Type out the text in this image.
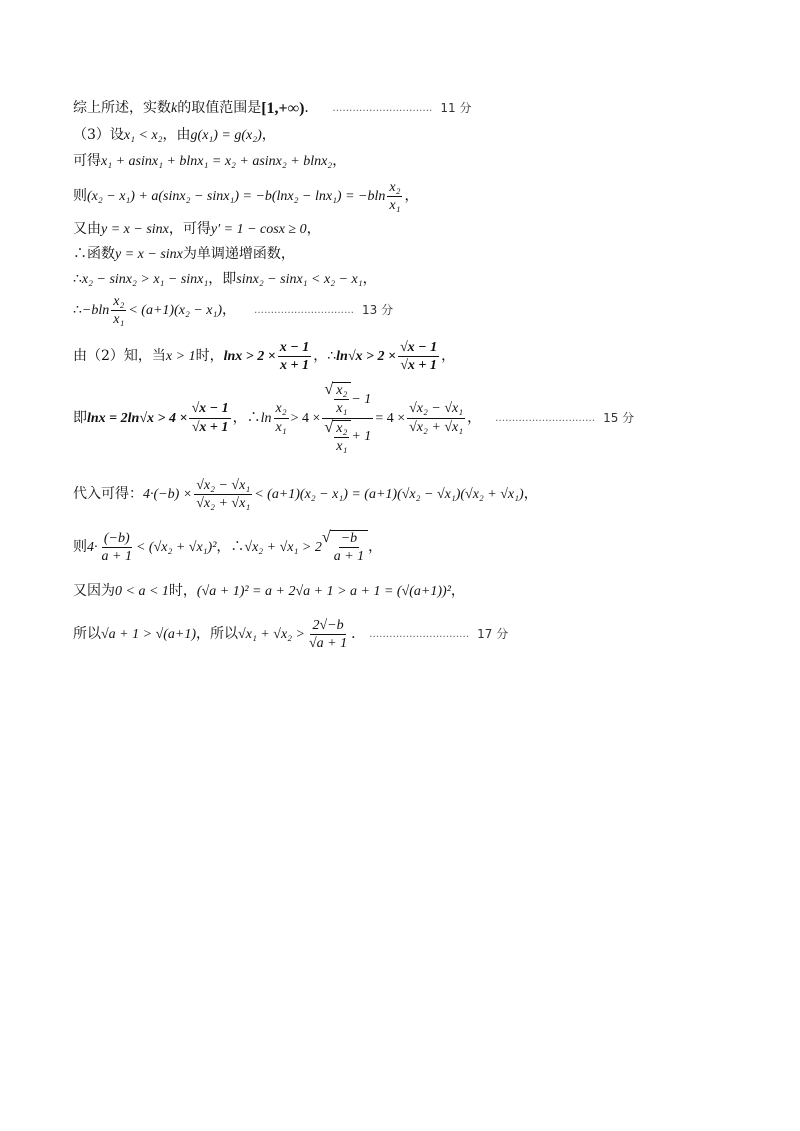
综上所述，实数 k 的取值范围是 [1,+∞) ． ………………………… 11 分
（3）设 x₁ < x₂ ，由 g(x₁) = g(x₂) ，
可得 x₁ + asinx₁ + blnx₁ = x₂ + asinx₂ + blnx₂ ，
则 $(x_2 - x_1) + a(\sin x_2 - \sin x_1) = -b(\ln x_2 - \ln x_1) = -bln \frac{\text{x₂}}{\text{x₁}}$ ，
又由 y = x − sinx ，可得 y′ = 1 − cosx ≥ 0 ，
∴函数 y = x − sinx 为单调递增函数，
∴ x₂ − sinx₂ > x₁ − sinx₁ ，即 sinx₂ − sinx₁ < x₂ − x₁ ，
∴ $-bln \frac{\text{x₂}}{\text{x₁}} < (a+1)(x_2 - x_1)$ ， ………………………… 13 分
由（2）知，当 x > 1 时， $\ln x > 2 \times \frac{x - 1}{x + 1}$ ， ∴ $\ln√x > 2 \times \frac{√x - 1}{√x + 1}$ ，
即 $\ln x = 2\ln√x > 4 \times \frac{√x - 1}{√x + 1}$ ，∴ $\ln \frac{\text{x₂}}{\text{x₁}} > 4$ ×
√ $\frac{\text{x₂}}{\text{x₁}} - 1$
√ $\frac{\text{x₂}}{\text{x₁}} + 1$
= $4 \times \frac{\text{√x₂ − √x₁}}{\text{√x₂ + √x₁}}$ ， ………………………… 15 分
代入可得： $4\cdot(-b) \times \frac{\text{√x₂ − √x₁}}{\text{√x₂ + √x₁}} < (a+1)(x_2 - x_1) = (a+1)(√x_2 - √x_1)(√x_2 + √x_1)$ ，
则 $4\cdot \frac{(-b)}{a + 1} < (√x_2 + √x_1)^2$ ，∴ √x₂ + √x₁ > 2
√ $\frac{-b}{a + 1}$ ，
又因为 0 < a < 1 时， (√a + 1)² = a + 2√a + 1 > a + 1 = (√(a+1))² ，
所以 √a + 1 > √(a+1) ，所以 $√x_1 + √x_2 > \frac{2√-b}{√a + 1}$ ． ………………………… 17 分
